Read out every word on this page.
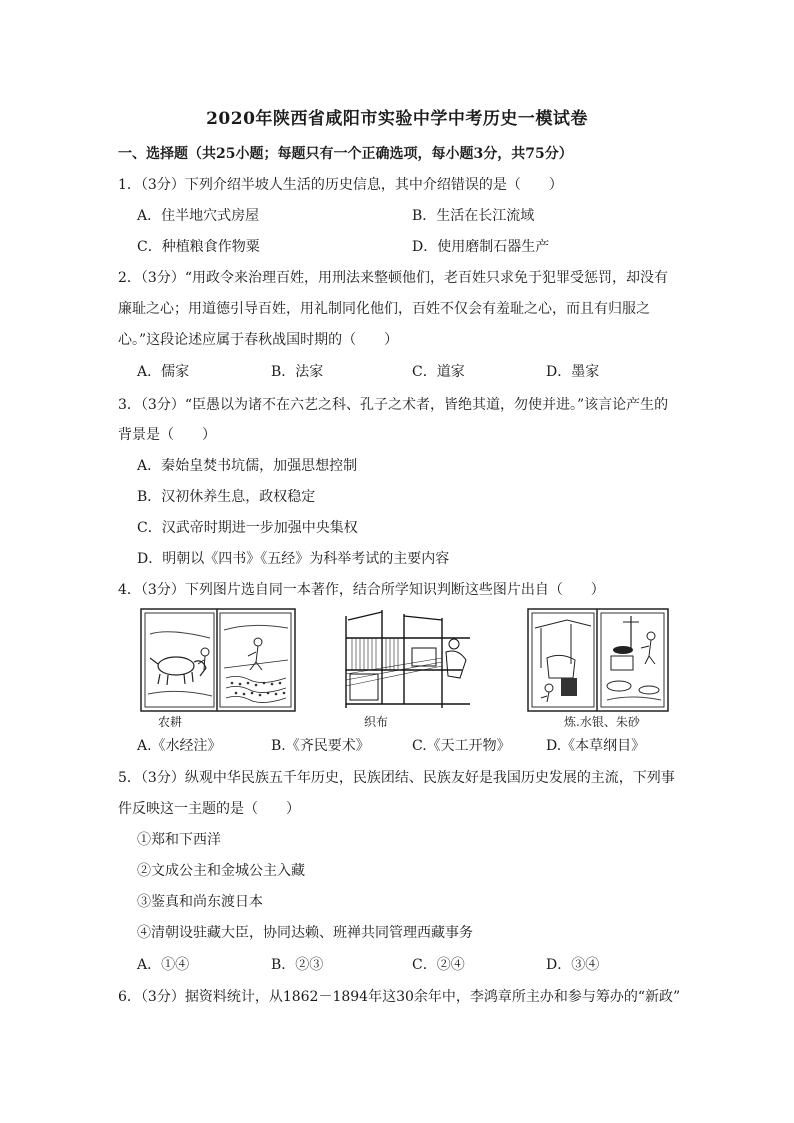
2020年陕西省咸阳市实验中学中考历史一模试卷
一、选择题（共25小题；每题只有一个正确选项，每小题3分，共75分）
1．（3分）下列介绍半坡人生活的历史信息，其中介绍错误的是（　　）
A．住半地穴式房屋	B．生活在长江流域
C．种植粮食作物粟	D．使用磨制石器生产
2．（3分）“用政令来治理百姓，用刑法来整顿他们，老百姓只求免于犯罪受惩罚，却没有
廉耻之心；用道德引导百姓，用礼制同化他们，百姓不仅会有羞耻之心，而且有归服之
心。”这段论述应属于春秋战国时期的（　　）
A．儒家	B．法家	C．道家	D．墨家
3．（3分）“臣愚以为诸不在六艺之科、孔子之术者，皆绝其道，勿使并进。”该言论产生的
背景是（　　）
A．秦始皇焚书坑儒，加强思想控制
B．汉初休养生息，政权稳定
C．汉武帝时期进一步加强中央集权
D．明朝以《四书》《五经》为科举考试的主要内容
4．（3分）下列图片选自同一本著作，结合所学知识判断这些图片出自（　　）
农耕	织布	炼.水银、朱砂
A.《水经注》	B.《齐民要术》	C.《天工开物》	D.《本草纲目》
5．（3分）纵观中华民族五千年历史，民族团结、民族友好是我国历史发展的主流，下列事
件反映这一主题的是（　　）
①郑和下西洋
②文成公主和金城公主入藏
③鉴真和尚东渡日本
④清朝设驻藏大臣，协同达赖、班禅共同管理西藏事务
A．①④	B．②③	C．②④	D．③④
6．（3分）据资料统计，从1862－1894年这30余年中，李鸿章所主办和参与筹办的“新政”
